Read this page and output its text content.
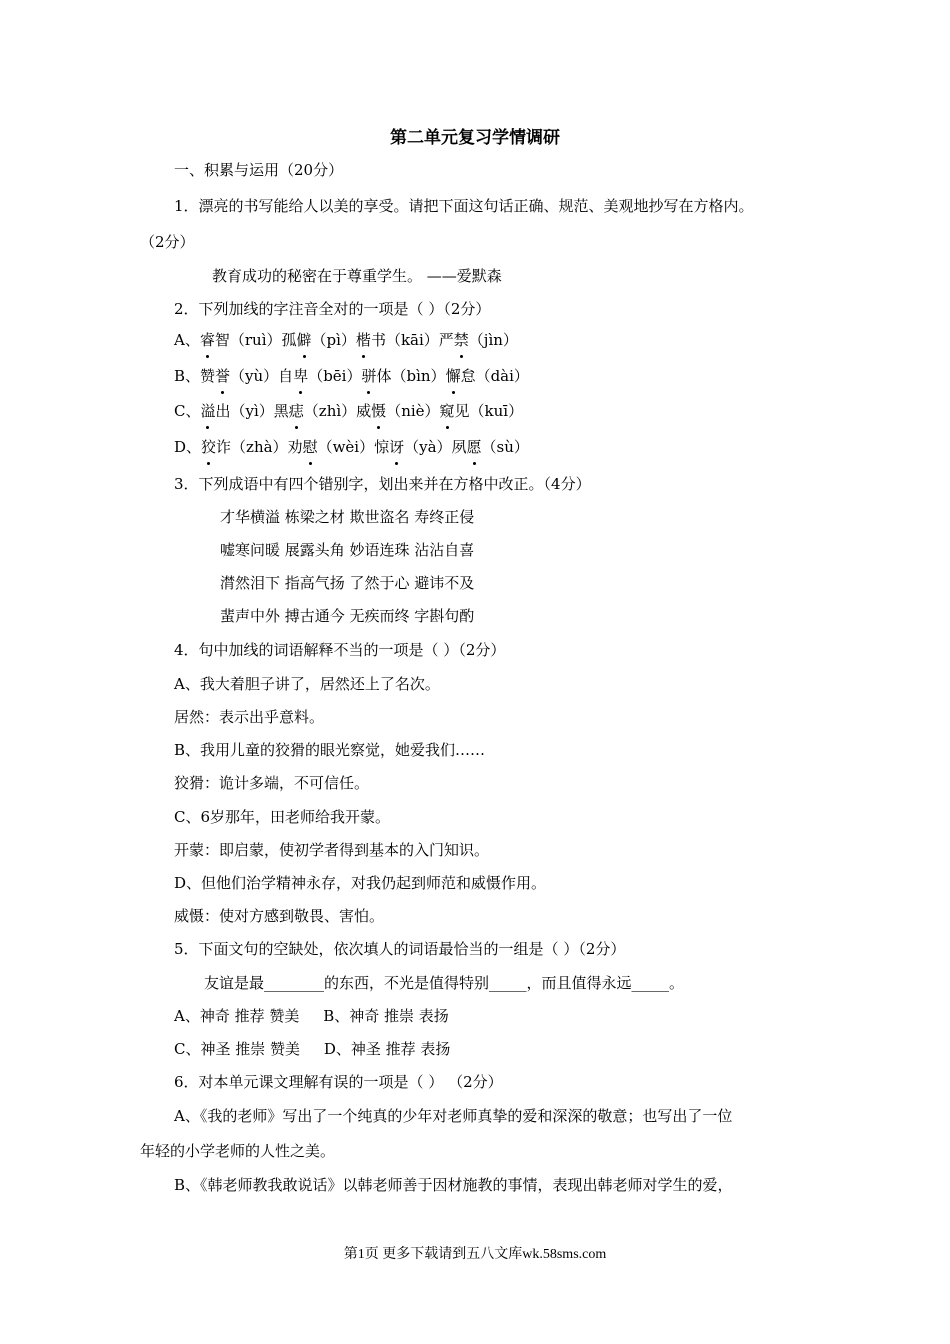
第二单元复习学情调研
一、积累与运用（20分）
1．漂亮的书写能给人以美的享受。请把下面这句话正确、规范、美观地抄写在方格内。
（2分）
教育成功的秘密在于尊重学生。 ——爱默森
2．下列加线的字注音全对的一项是（ ）（2分）
A、睿智（ruì）孤僻（pì）楷书（kāi）严禁（jìn）
B、赞誉（yù）自卑（bēi）骈体（bìn）懈怠（dài）
C、溢出（yì）黑痣（zhì）威慑（niè）窥见（kuī）
D、狡诈（zhà）劝慰（wèi）惊讶（yà）夙愿（sù）
3．下列成语中有四个错别字，划出来并在方格中改正。（4分）
才华横溢 栋梁之材 欺世盗名 寿终正侵
嘘寒问暖 展露头角 妙语连珠 沾沾自喜
潸然泪下 指高气扬 了然于心 避讳不及
蜚声中外 搏古通今 无疾而终 字斟句酌
4．句中加线的词语解释不当的一项是（ ）（2分）
A、我大着胆子讲了，居然还上了名次。
居然：表示出乎意料。
B、我用儿童的狡猾的眼光察觉，她爱我们……
狡猾：诡计多端，不可信任。
C、6岁那年，田老师给我开蒙。
开蒙：即启蒙，使初学者得到基本的入门知识。
D、但他们治学精神永存，对我仍起到师范和威慑作用。
威慑：使对方感到敬畏、害怕。
5．下面文句的空缺处，依次填人的词语最恰当的一组是（ ）（2分）
友谊是最________的东西，不光是值得特别_____，而且值得永远_____。
A、神奇 推荐 赞美     B、神奇 推崇 表扬
C、神圣 推崇 赞美     D、神圣 推荐 表扬
6．对本单元课文理解有误的一项是（ ） （2分）
A、《我的老师》写出了一个纯真的少年对老师真挚的爱和深深的敬意；也写出了一位
年轻的小学老师的人性之美。
B、《韩老师教我敢说话》以韩老师善于因材施教的事情，表现出韩老师对学生的爱，
第1页 更多下载请到五八文库wk.58sms.com
